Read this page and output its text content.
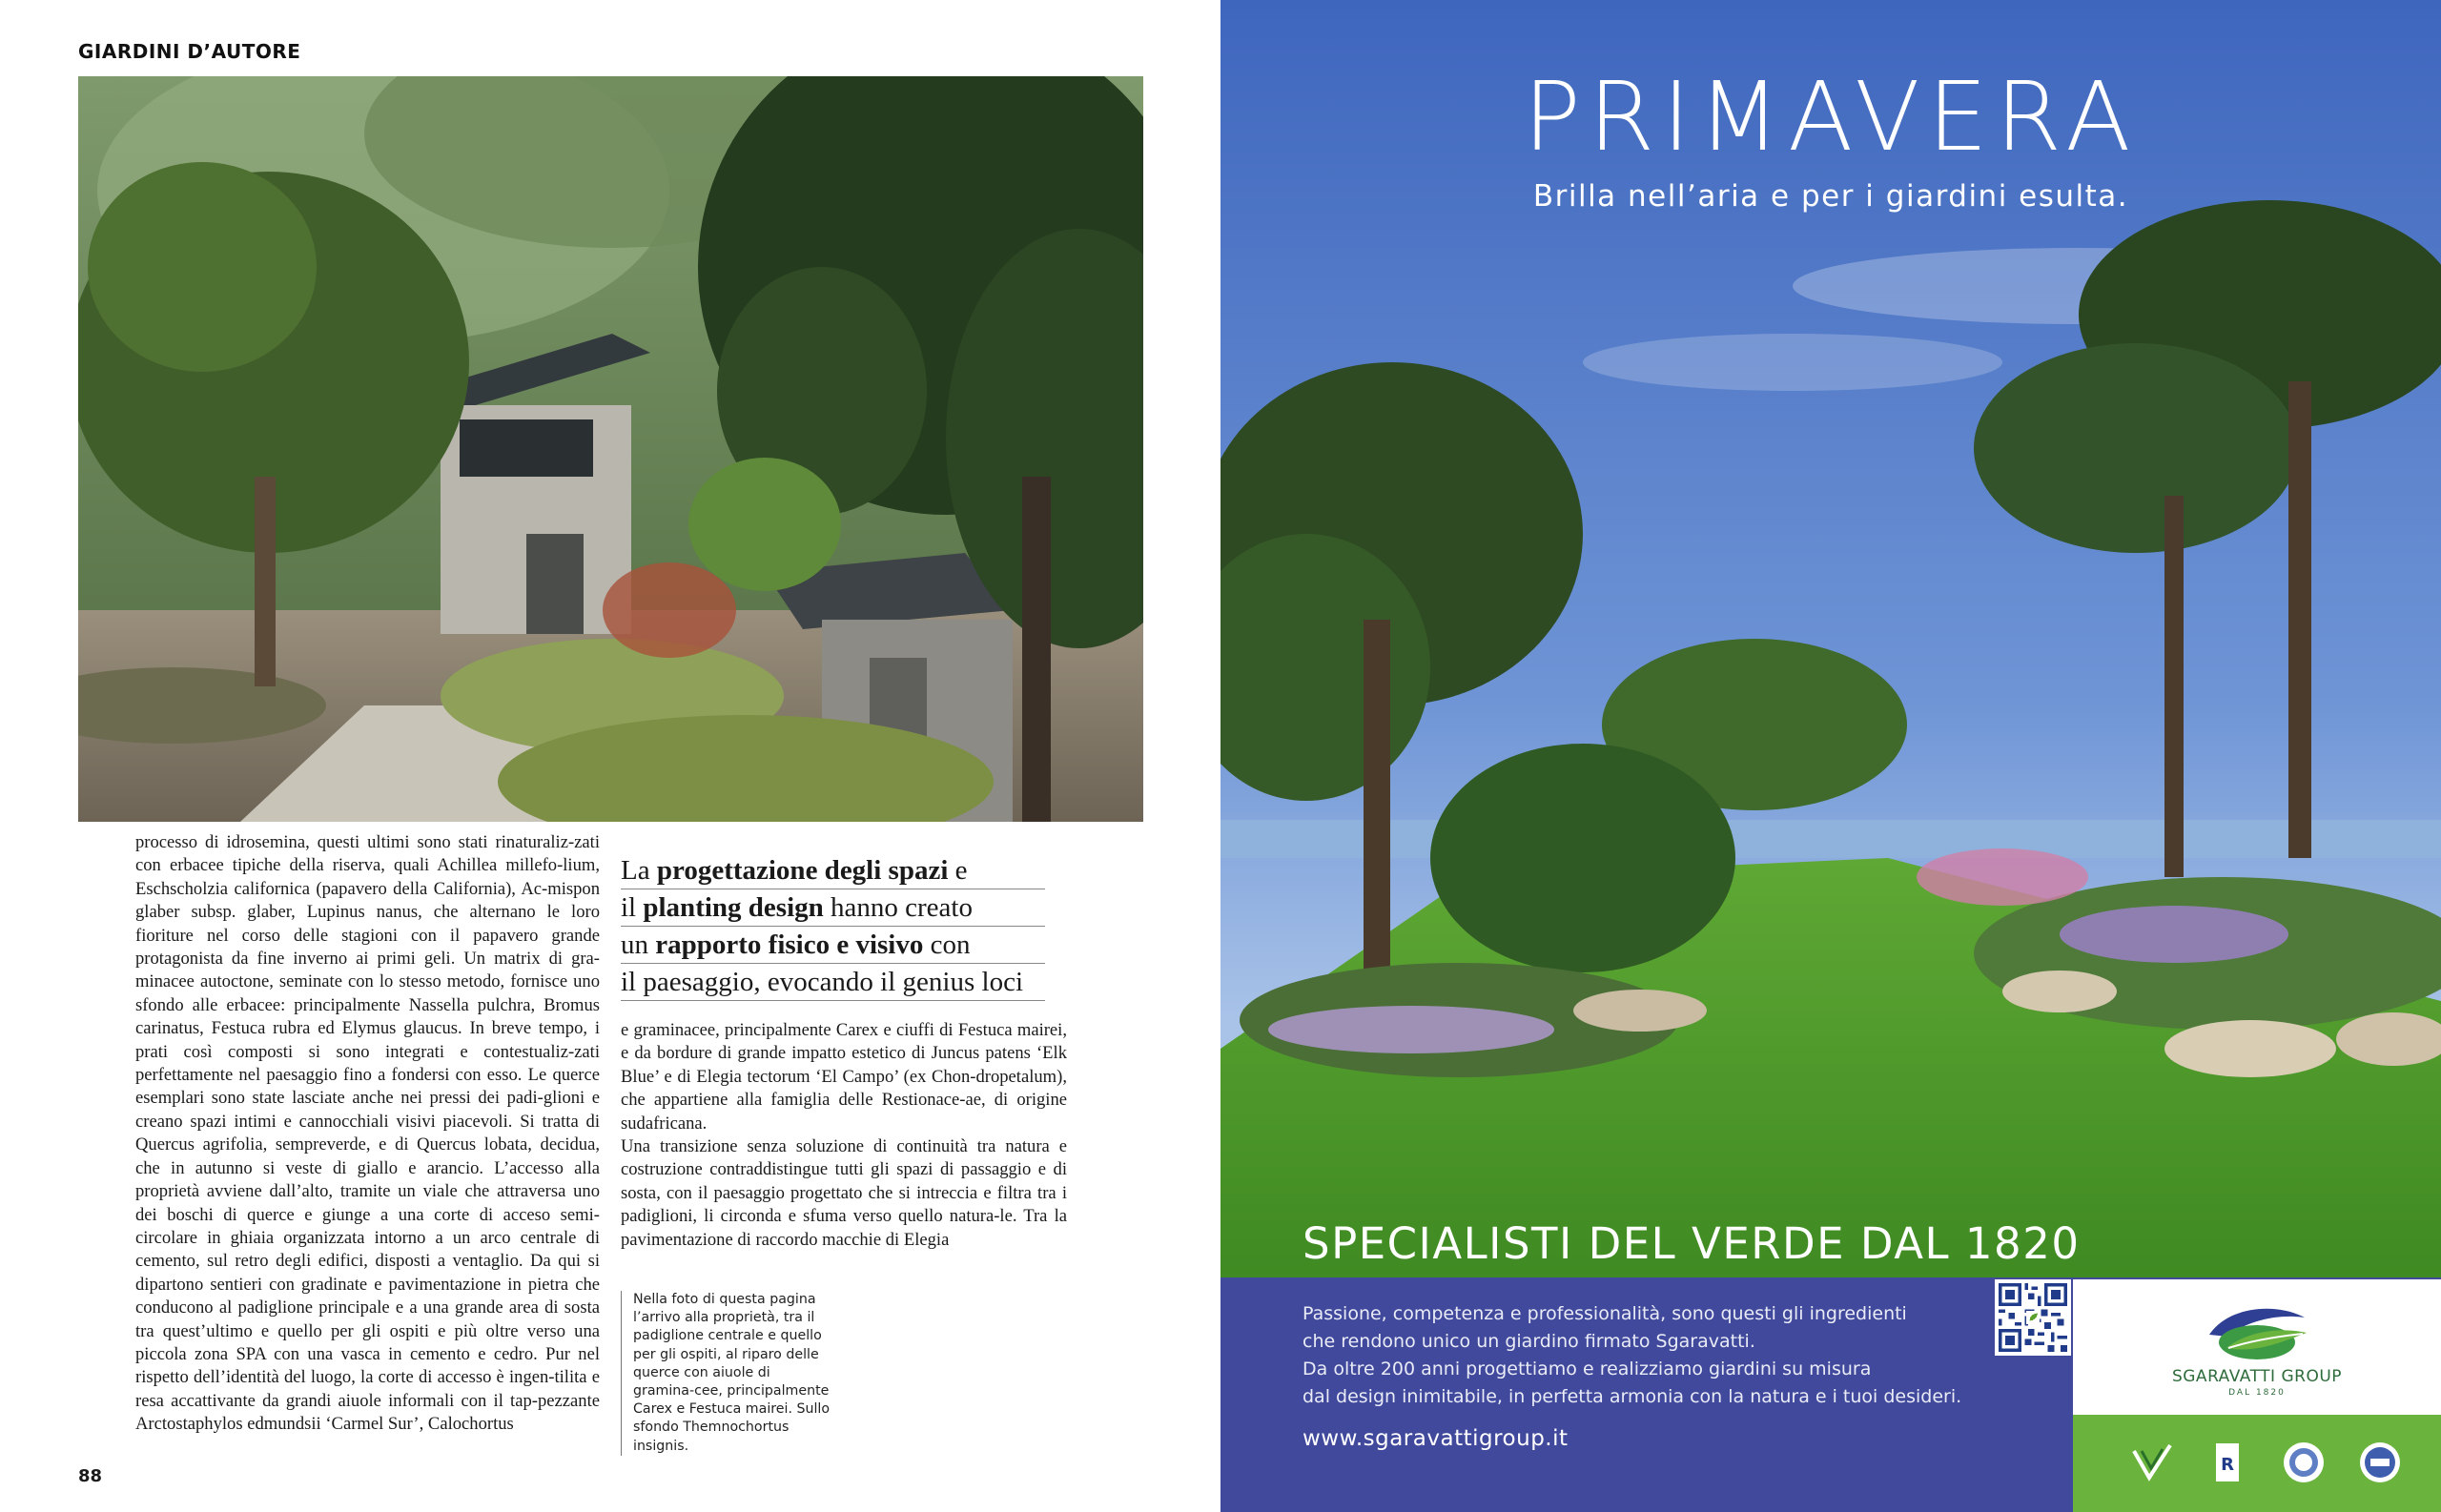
GIARDINI D’AUTORE

processo di idrosemina, questi ultimi sono stati rinaturaliz-zati con erbacee tipiche della riserva, quali Achillea millefo-lium, Eschscholzia californica (papavero della California), Ac-mispon glaber subsp. glaber, Lupinus nanus, che alternano le loro fioriture nel corso delle stagioni con il papavero grande protagonista da fine inverno ai primi geli. Un matrix di gra-minacee autoctone, seminate con lo stesso metodo, fornisce uno sfondo alle erbacee: principalmente Nassella pulchra, Bromus carinatus, Festuca rubra ed Elymus glaucus. In breve tempo, i prati così composti si sono integrati e contestualiz-zati perfettamente nel paesaggio fino a fondersi con esso. Le querce esemplari sono state lasciate anche nei pressi dei padi-glioni e creano spazi intimi e cannocchiali visivi piacevoli. Si tratta di Quercus agrifolia, sempreverde, e di Quercus lobata, decidua, che in autunno si veste di giallo e arancio. L’accesso alla proprietà avviene dall’alto, tramite un viale che attraversa uno dei boschi di querce e giunge a una corte di acceso semi-circolare in ghiaia organizzata intorno a un arco centrale di cemento, sul retro degli edifici, disposti a ventaglio. Da qui si dipartono sentieri con gradinate e pavimentazione in pietra che conducono al padiglione principale e a una grande area di sosta tra quest’ultimo e quello per gli ospiti e più oltre verso una piccola zona SPA con una vasca in cemento e cedro. Pur nel rispetto dell’identità del luogo, la corte di accesso è ingen-tilita e resa accattivante da grandi aiuole informali con il tap-pezzante Arctostaphylos edmundsii ‘Carmel Sur’, Calochortus

La progettazione degli spazi e
il planting design hanno creato
un rapporto fisico e visivo con
il paesaggio, evocando il genius loci

e graminacee, principalmente Carex e ciuffi di Festuca mairei, e da bordure di grande impatto estetico di Juncus patens ‘Elk Blue’ e di Elegia tectorum ‘El Campo’ (ex Chon-dropetalum), che appartiene alla famiglia delle Restionace-ae, di origine sudafricana.

Una transizione senza soluzione di continuità tra natura e costruzione contraddistingue tutti gli spazi di passaggio e di sosta, con il paesaggio progettato che si intreccia e filtra tra i padiglioni, li circonda e sfuma verso quello natura-le. Tra la pavimentazione di raccordo macchie di Elegia

Nella foto di questa pagina l’arrivo alla proprietà, tra il padiglione centrale e quello per gli ospiti, al riparo delle querce con aiuole di gramina-cee, principalmente Carex e Festuca mairei. Sullo sfondo Themnochortus insignis.
88
PRIMAVERA
Brilla nell’aria e per i giardini esulta.
SPECIALISTI DEL VERDE DAL 1820
Passione, competenza e professionalità, sono questi gli ingredienti
che rendono unico un giardino firmato Sgaravatti.
Da oltre 200 anni progettiamo e realizziamo giardini su misura
dal design inimitabile, in perfetta armonia con la natura e i tuoi desideri.
www.sgaravattigroup.it
SGARAVATTI GROUP
DAL 1820
R
